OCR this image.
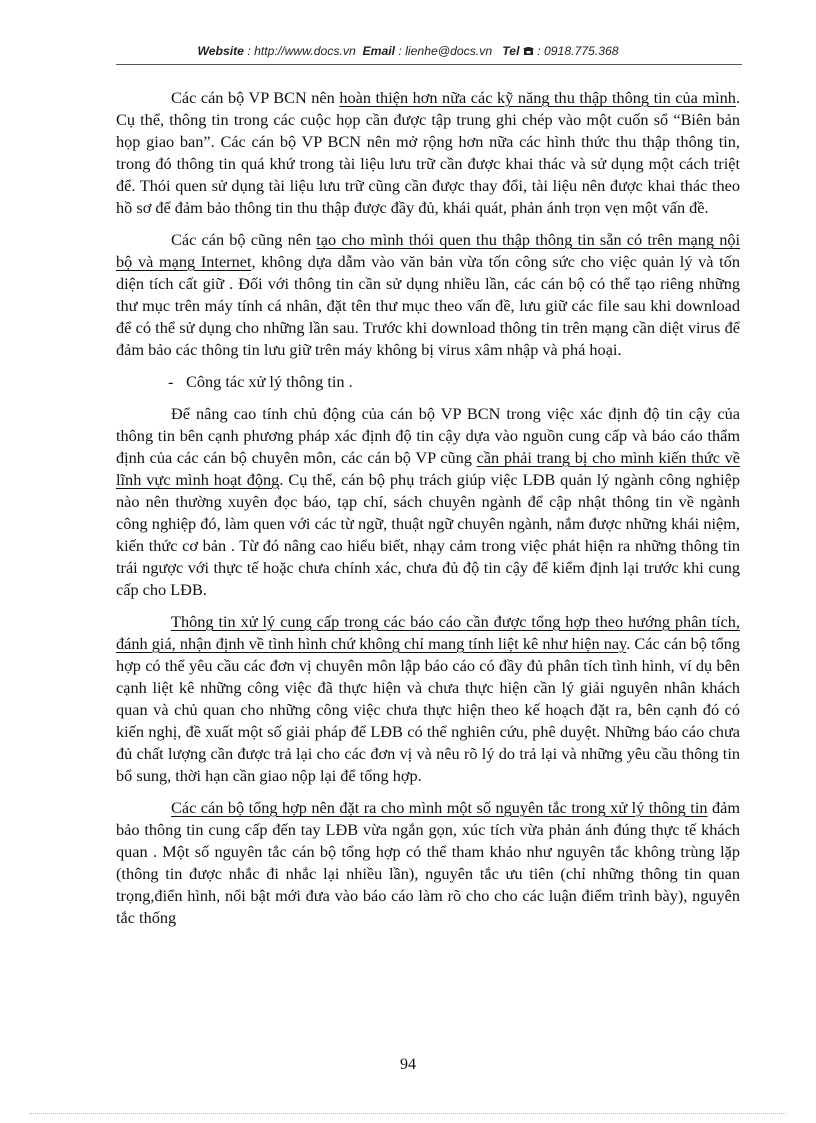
Website : http://www.docs.vn Email : lienhe@docs.vn Tel  : 0918.775.368

Các cán bộ VP BCN nên hoàn thiện hơn nữa các kỹ năng thu thập thông tin của mình. Cụ thể, thông tin trong các cuộc họp cần được tập trung ghi chép vào một cuốn sổ “Biên bản họp giao ban”. Các cán bộ VP BCN nên mở rộng hơn nữa các hình thức thu thập thông tin, trong đó thông tin quá khứ trong tài liệu lưu trữ cần được khai thác và sử dụng một cách triệt để. Thói quen sử dụng tài liệu lưu trữ cũng cần được thay đổi, tài liệu nên được khai thác theo hồ sơ để đảm bảo thông tin thu thập được đầy đủ, khái quát, phản ánh trọn vẹn một vấn đề.

Các cán bộ cũng nên tạo cho mình thói quen thu thập thông tin sẵn có trên mạng nội bộ và mạng Internet, không dựa dẫm vào văn bản vừa tốn công sức cho việc quản lý và tốn diện tích cất giữ . Đối với thông tin cần sử dụng nhiều lần, các cán bộ có thể tạo riêng những thư mục trên máy tính cá nhân, đặt tên thư mục theo vấn đề, lưu giữ các file sau khi download để có thể sử dụng cho những lần sau. Trước khi download thông tin trên mạng cần diệt virus để đảm bảo các thông tin lưu giữ trên máy không bị virus xâm nhập và phá hoại.

- Công tác xử lý thông tin .

Để nâng cao tính chủ động của cán bộ VP BCN trong việc xác định độ tin cậy của thông tin bên cạnh phương pháp xác định độ tin cậy dựa vào nguồn cung cấp và báo cáo thẩm định của các cán bộ chuyên môn, các cán bộ VP cũng cần phải trang bị cho mình kiến thức về lĩnh vực mình hoạt động. Cụ thể, cán bộ phụ trách giúp việc LĐB quản lý ngành công nghiệp nào nên thường xuyên đọc báo, tạp chí, sách chuyên ngành để cập nhật thông tin về ngành công nghiệp đó, làm quen với các từ ngữ, thuật ngữ chuyên ngành, nắm được những khái niệm, kiến thức cơ bản . Từ đó nâng cao hiểu biết, nhạy cảm trong việc phát hiện ra những thông tin trái ngược với thực tế hoặc chưa chính xác, chưa đủ độ tin cậy để kiểm định lại trước khi cung cấp cho LĐB.

Thông tin xử lý cung cấp trong các báo cáo cần được tổng hợp theo hướng phân tích, đánh giá, nhận định về tình hình chứ không chỉ mang tính liệt kê như hiện nay. Các cán bộ tổng hợp có thể yêu cầu các đơn vị chuyên môn lập báo cáo có đầy đủ phân tích tình hình, ví dụ bên cạnh liệt kê những công việc đã thực hiện và chưa thực hiện cần lý giải nguyên nhân khách quan và chủ quan cho những công việc chưa thực hiện theo kế hoạch đặt ra, bên cạnh đó có kiến nghị, đề xuất một số giải pháp để LĐB có thể nghiên cứu, phê duyệt. Những báo cáo chưa đủ chất lượng cần được trả lại cho các đơn vị và nêu rõ lý do trả lại và những yêu cầu thông tin bổ sung, thời hạn cần giao nộp lại để tổng hợp.

Các cán bộ tổng hợp nên đặt ra cho mình một số nguyên tắc trong xử lý thông tin đảm bảo thông tin cung cấp đến tay LĐB vừa ngắn gọn, xúc tích vừa phản ánh đúng thực tế khách quan . Một số nguyên tắc cán bộ tổng hợp có thể tham khảo như nguyên tắc không trùng lặp (thông tin được nhắc đi nhắc lại nhiều lần), nguyên tắc ưu tiên (chỉ những thông tin quan trọng,điển hình, nổi bật mới đưa vào báo cáo làm rõ cho cho các luận điểm trình bày), nguyên tắc thống

94
